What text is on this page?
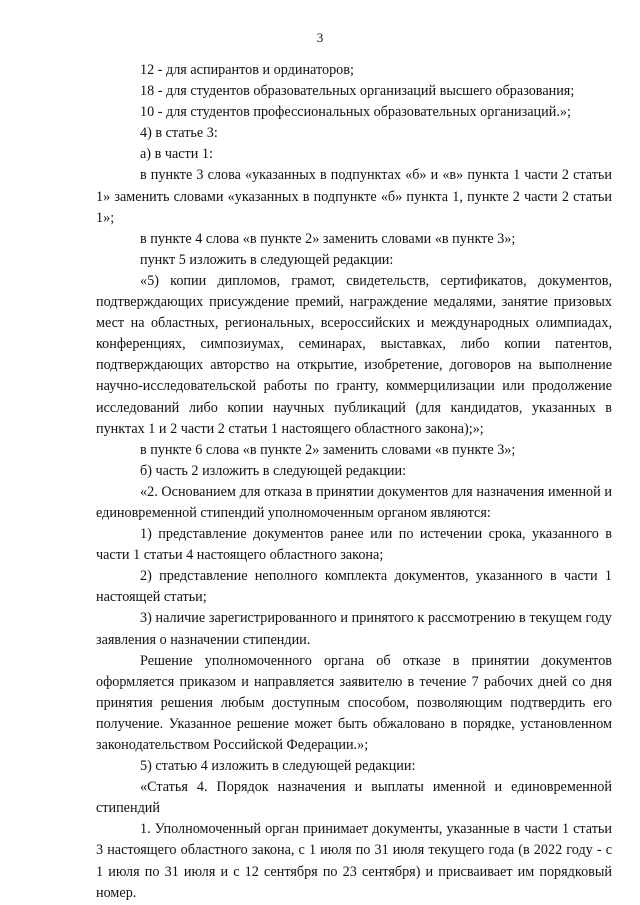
3

12 - для аспирантов и ординаторов;

18 - для студентов образовательных организаций высшего образования;

10 - для студентов профессиональных образовательных организаций.»;

4) в статье 3:

а) в части 1:

в пункте 3 слова «указанных в подпунктах «б» и «в» пункта 1 части 2 статьи 1» заменить словами «указанных в подпункте «б» пункта 1, пункте 2 части 2 статьи 1»;

в пункте 4 слова «в пункте 2» заменить словами «в пункте 3»;

пункт 5 изложить в следующей редакции:

«5) копии дипломов, грамот, свидетельств, сертификатов, документов, подтверждающих присуждение премий, награждение медалями, занятие призовых мест на областных, региональных, всероссийских и международных олимпиадах, конференциях, симпозиумах, семинарах, выставках, либо копии патентов, подтверждающих авторство на открытие, изобретение, договоров на выполнение научно-исследовательской работы по гранту, коммерцилизации или продолжение исследований либо копии научных публикаций (для кандидатов, указанных в пунктах 1 и 2 части 2 статьи 1 настоящего областного закона);»;

в пункте 6 слова «в пункте 2» заменить словами «в пункте 3»;

б) часть 2 изложить в следующей редакции:

«2. Основанием для отказа в принятии документов для назначения именной и единовременной стипендий уполномоченным органом являются:

1) представление документов ранее или по истечении срока, указанного в части 1 статьи 4 настоящего областного закона;

2) представление неполного комплекта документов, указанного в части 1 настоящей статьи;

3) наличие зарегистрированного и принятого к рассмотрению в текущем году заявления о назначении стипендии.

Решение уполномоченного органа об отказе в принятии документов оформляется приказом и направляется заявителю в течение 7 рабочих дней со дня принятия решения любым доступным способом, позволяющим подтвердить его получение. Указанное решение может быть обжаловано в порядке, установленном законодательством Российской Федерации.»;

5) статью 4 изложить в следующей редакции:

«Статья 4. Порядок назначения и выплаты именной и единовременной стипендий

1. Уполномоченный орган принимает документы, указанные в части 1 статьи 3 настоящего областного закона, с 1 июля по 31 июля текущего года (в 2022 году - с 1 июля по 31 июля и с 12 сентября по 23 сентября) и присваивает им порядковый номер.
